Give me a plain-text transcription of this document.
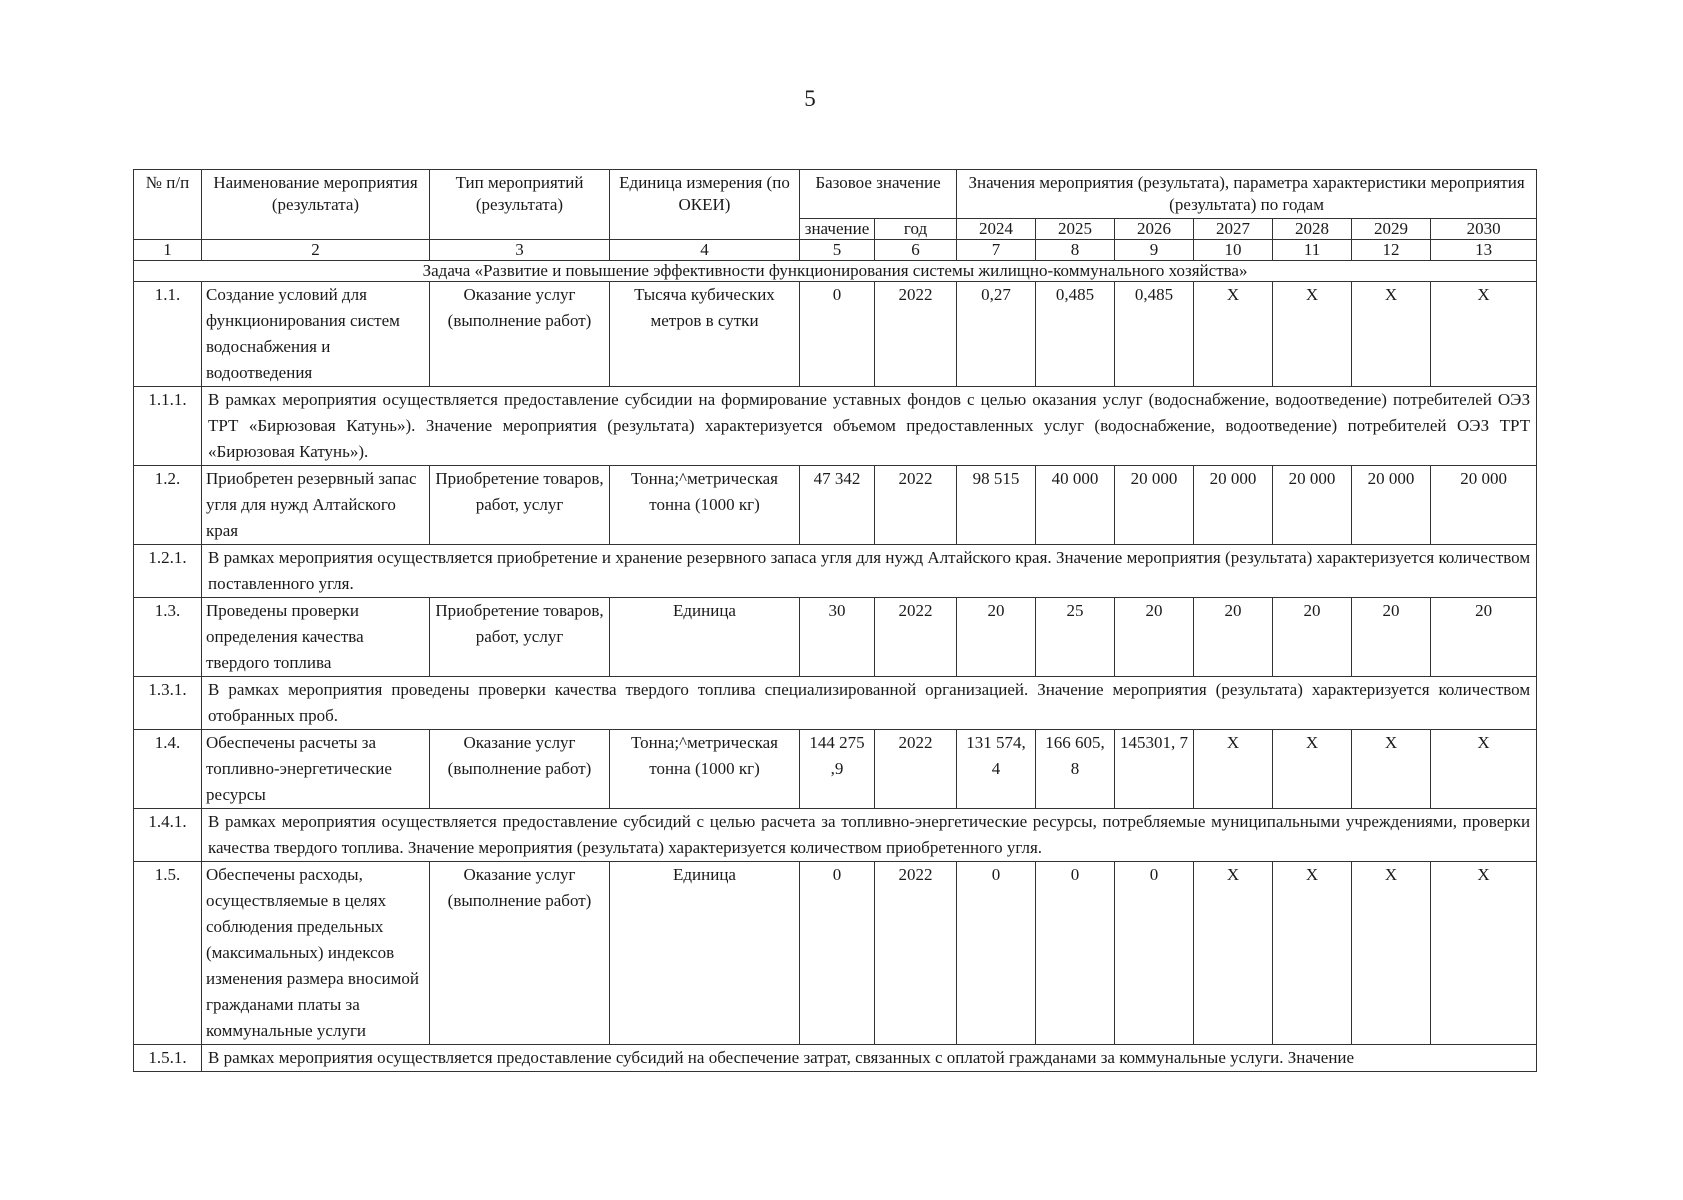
5
№ п/п	Наименование мероприятия (результата)	Тип мероприятий (результата)	Единица измерения (по ОКЕИ)	Базовое значение		Значения мероприятия (результата), параметра характеристики мероприятия (результата) по годам						
				значение	год	2024	2025	2026	2027	2028	2029	2030
1	2	3	4	5	6	7	8	9	10	11	12	13
Задача «Развитие и повышение эффективности функционирования системы жилищно-коммунального хозяйства»												
1.1.	Создание условий для функционирования систем водоснабжения и водоотведения	Оказание услуг (выполнение работ)	Тысяча кубических метров в сутки	0	2022	0,27	0,485	0,485	X	X	X	X
1.1.1.	В рамках мероприятия осуществляется предоставление субсидии на формирование уставных фондов с целью оказания услуг (водоснабжение, водоотведение) потребителей ОЭЗ ТРТ «Бирюзовая Катунь»). Значение мероприятия (результата) характеризуется объемом предоставленных услуг (водоснабжение, водоотведение) потребителей ОЭЗ ТРТ «Бирюзовая Катунь»).											
1.2.	Приобретен резервный запас угля для нужд Алтайского края	Приобретение товаров, работ, услуг	Тонна;^метрическая тонна (1000 кг)	47 342	2022	98 515	40 000	20 000	20 000	20 000	20 000	20 000
1.2.1.	В рамках мероприятия осуществляется приобретение и хранение резервного запаса угля для нужд Алтайского края. Значение мероприятия (результата) характеризуется количеством поставленного угля.											
1.3.	Проведены проверки определения качества твердого топлива	Приобретение товаров, работ, услуг	Единица	30	2022	20	25	20	20	20	20	20
1.3.1.	В рамках мероприятия проведены проверки качества твердого топлива специализированной организацией. Значение мероприятия (результата) характеризуется количеством отобранных проб.											
1.4.	Обеспечены расчеты за топливно-энергетические ресурсы	Оказание услуг (выполнение работ)	Тонна;^метрическая тонна (1000 кг)	144 275 ,9	2022	131 574, 4	166 605, 8	145301, 7	X	X	X	X
1.4.1.	В рамках мероприятия осуществляется предоставление субсидий с целью расчета за топливно-энергетические ресурсы, потребляемые муниципальными учреждениями, проверки качества твердого топлива. Значение мероприятия (результата) характеризуется количеством приобретенного угля.											
1.5.	Обеспечены расходы, осуществляемые в целях соблюдения предельных (максимальных) индексов изменения размера вносимой гражданами платы за коммунальные услуги	Оказание услуг (выполнение работ)	Единица	0	2022	0	0	0	X	X	X	X
1.5.1.	В рамках мероприятия осуществляется предоставление субсидий на обеспечение затрат, связанных с оплатой гражданами за коммунальные услуги. Значение											
